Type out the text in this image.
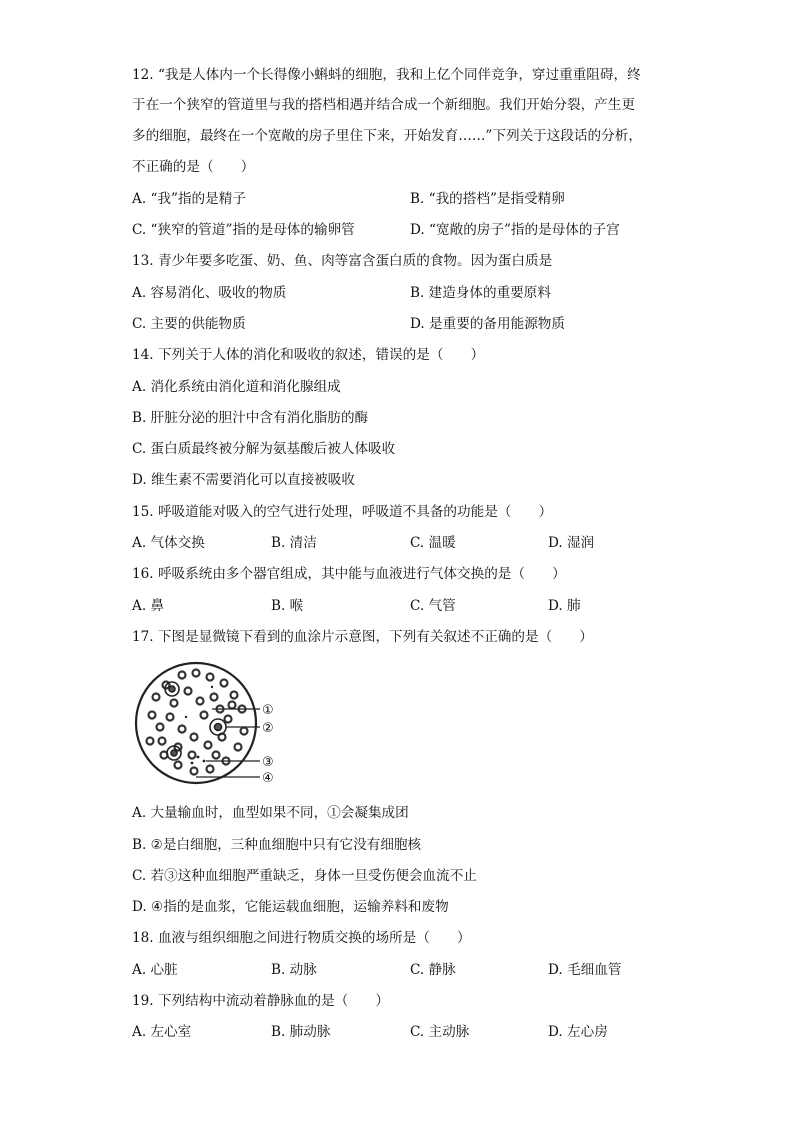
12. “我是人体内一个长得像小蝌蚪的细胞，我和上亿个同伴竞争，穿过重重阻碍，终
于在一个狭窄的管道里与我的搭档相遇并结合成一个新细胞。我们开始分裂，产生更
多的细胞，最终在一个宽敞的房子里住下来，开始发育……”下列关于这段话的分析，
不正确的是（　　）
A. “我”指的是精子	B. “我的搭档”是指受精卵
C. “狭窄的管道”指的是母体的输卵管	D. “宽敞的房子”指的是母体的子宫
13. 青少年要多吃蛋、奶、鱼、肉等富含蛋白质的食物。因为蛋白质是
A. 容易消化、吸收的物质	B. 建造身体的重要原料
C. 主要的供能物质	D. 是重要的备用能源物质
14. 下列关于人体的消化和吸收的叙述，错误的是（　　）
A. 消化系统由消化道和消化腺组成
B. 肝脏分泌的胆汁中含有消化脂肪的酶
C. 蛋白质最终被分解为氨基酸后被人体吸收
D. 维生素不需要消化可以直接被吸收
15. 呼吸道能对吸入的空气进行处理，呼吸道不具备的功能是（　　）
A. 气体交换	B. 清洁	C. 温暖	D. 湿润
16. 呼吸系统由多个器官组成，其中能与血液进行气体交换的是（　　）
A. 鼻	B. 喉	C. 气管	D. 肺
17. 下图是显微镜下看到的血涂片示意图，下列有关叙述不正确的是（　　）
①
②
③
④
A. 大量输血时，血型如果不同，①会凝集成团
B. ②是白细胞，三种血细胞中只有它没有细胞核
C. 若③这种血细胞严重缺乏，身体一旦受伤便会血流不止
D. ④指的是血浆，它能运载血细胞，运输养料和废物
18. 血液与组织细胞之间进行物质交换的场所是（　　）
A. 心脏	B. 动脉	C. 静脉	D. 毛细血管
19. 下列结构中流动着静脉血的是（　　）
A. 左心室	B. 肺动脉	C. 主动脉	D. 左心房
